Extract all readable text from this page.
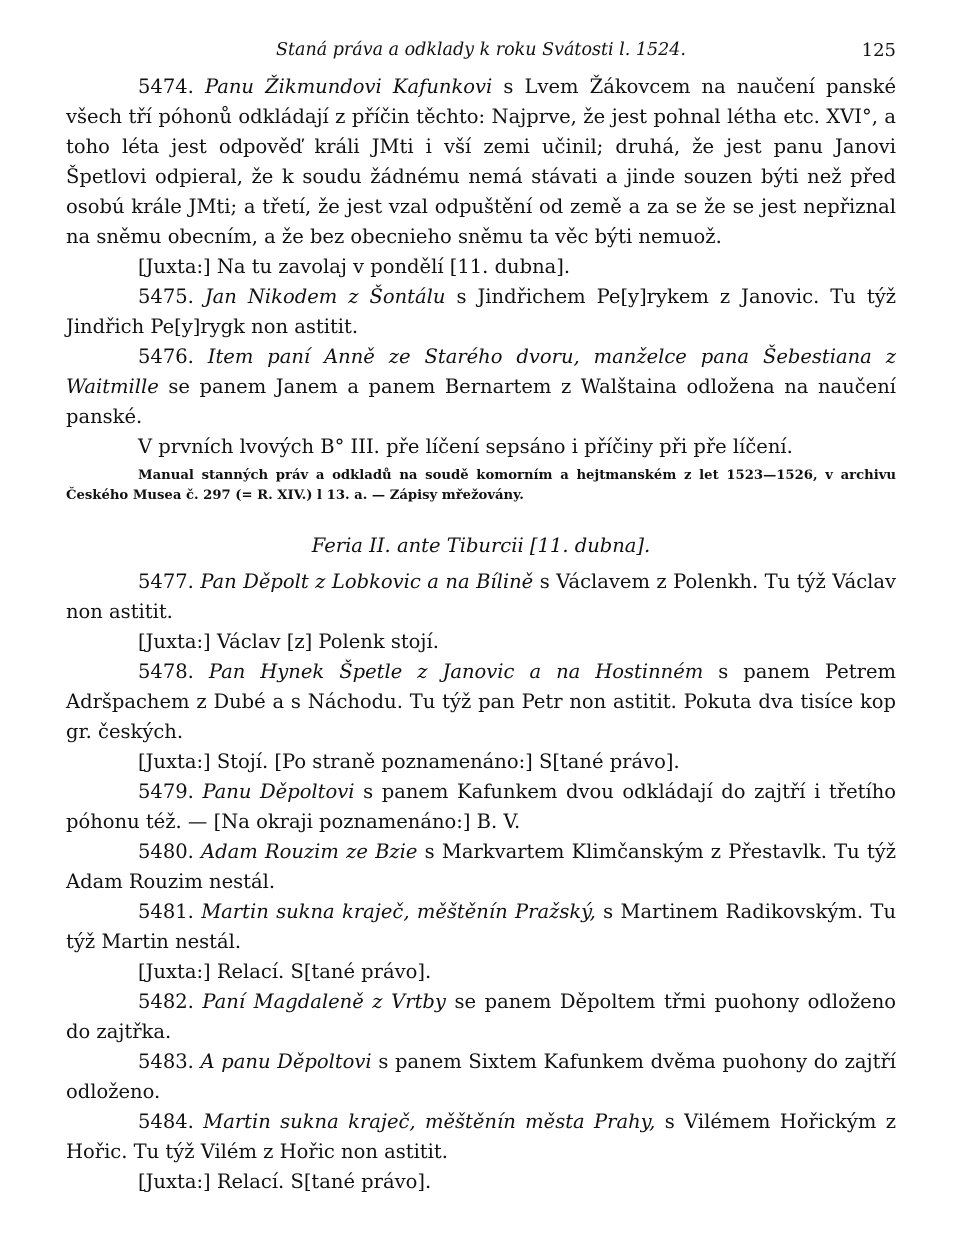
Staná práva a odklady k roku Svátosti l. 1524.	125

5474. Panu Žikmundovi Kafunkovi s Lvem Žákovcem na naučení panské všech tří póhonů odkládají z příčin těchto: Najprve, že jest pohnal létha etc. XVI°, a toho léta jest odpověď králi JMti i vší zemi učinil; druhá, že jest panu Janovi Špetlovi odpieral, že k soudu žádnému nemá stávati a jinde souzen býti než před osobú krále JMti; a třetí, že jest vzal odpuštění od země a za se že se jest nepřiznal na sněmu obecním, a že bez obecnieho sněmu ta věc býti nemuož.

[Juxta:] Na tu zavolaj v pondělí [11. dubna].

5475. Jan Nikodem z Šontálu s Jindřichem Pe[y]rykem z Janovic. Tu týž Jindřich Pe[y]rygk non astitit.

5476. Item paní Anně ze Starého dvoru, manželce pana Šebestiana z Waitmille se panem Janem a panem Bernartem z Walštaina odložena na naučení panské.

V prvních lvových B° III. pře líčení sepsáno i příčiny při pře líčení.

Manual stanných práv a odkladů na soudě komorním a hejtmanském z let 1523—1526, v archivu Českého Musea č. 297 (= R. XIV.) l 13. a. — Zápisy mřežovány.

Feria II. ante Tiburcii [11. dubna].

5477. Pan Děpolt z Lobkovic a na Bílině s Václavem z Polenkh. Tu týž Václav non astitit.

[Juxta:] Václav [z] Polenk stojí.

5478. Pan Hynek Špetle z Janovic a na Hostinném s panem Petrem Adršpachem z Dubé a s Náchodu. Tu týž pan Petr non astitit. Pokuta dva tisíce kop gr. českých.

[Juxta:] Stojí. [Po straně poznamenáno:] S[tané právo].

5479. Panu Děpoltovi s panem Kafunkem dvou odkládají do zajtří i třetího póhonu též. — [Na okraji poznamenáno:] B. V.

5480. Adam Rouzim ze Bzie s Markvartem Klimčanským z Přestavlk. Tu týž Adam Rouzim nestál.

5481. Martin sukna kraječ, měštěnín Pražský, s Martinem Radikovským. Tu týž Martin nestál.

[Juxta:] Relací. S[tané právo].

5482. Paní Magdaleně z Vrtby se panem Děpoltem třmi puohony odloženo do zajtřka.

5483. A panu Děpoltovi s panem Sixtem Kafunkem dvěma puohony do zajtří odloženo.

5484. Martin sukna kraječ, měštěnín města Prahy, s Vilémem Hořickým z Hořic. Tu týž Vilém z Hořic non astitit.

[Juxta:] Relací. S[tané právo].
